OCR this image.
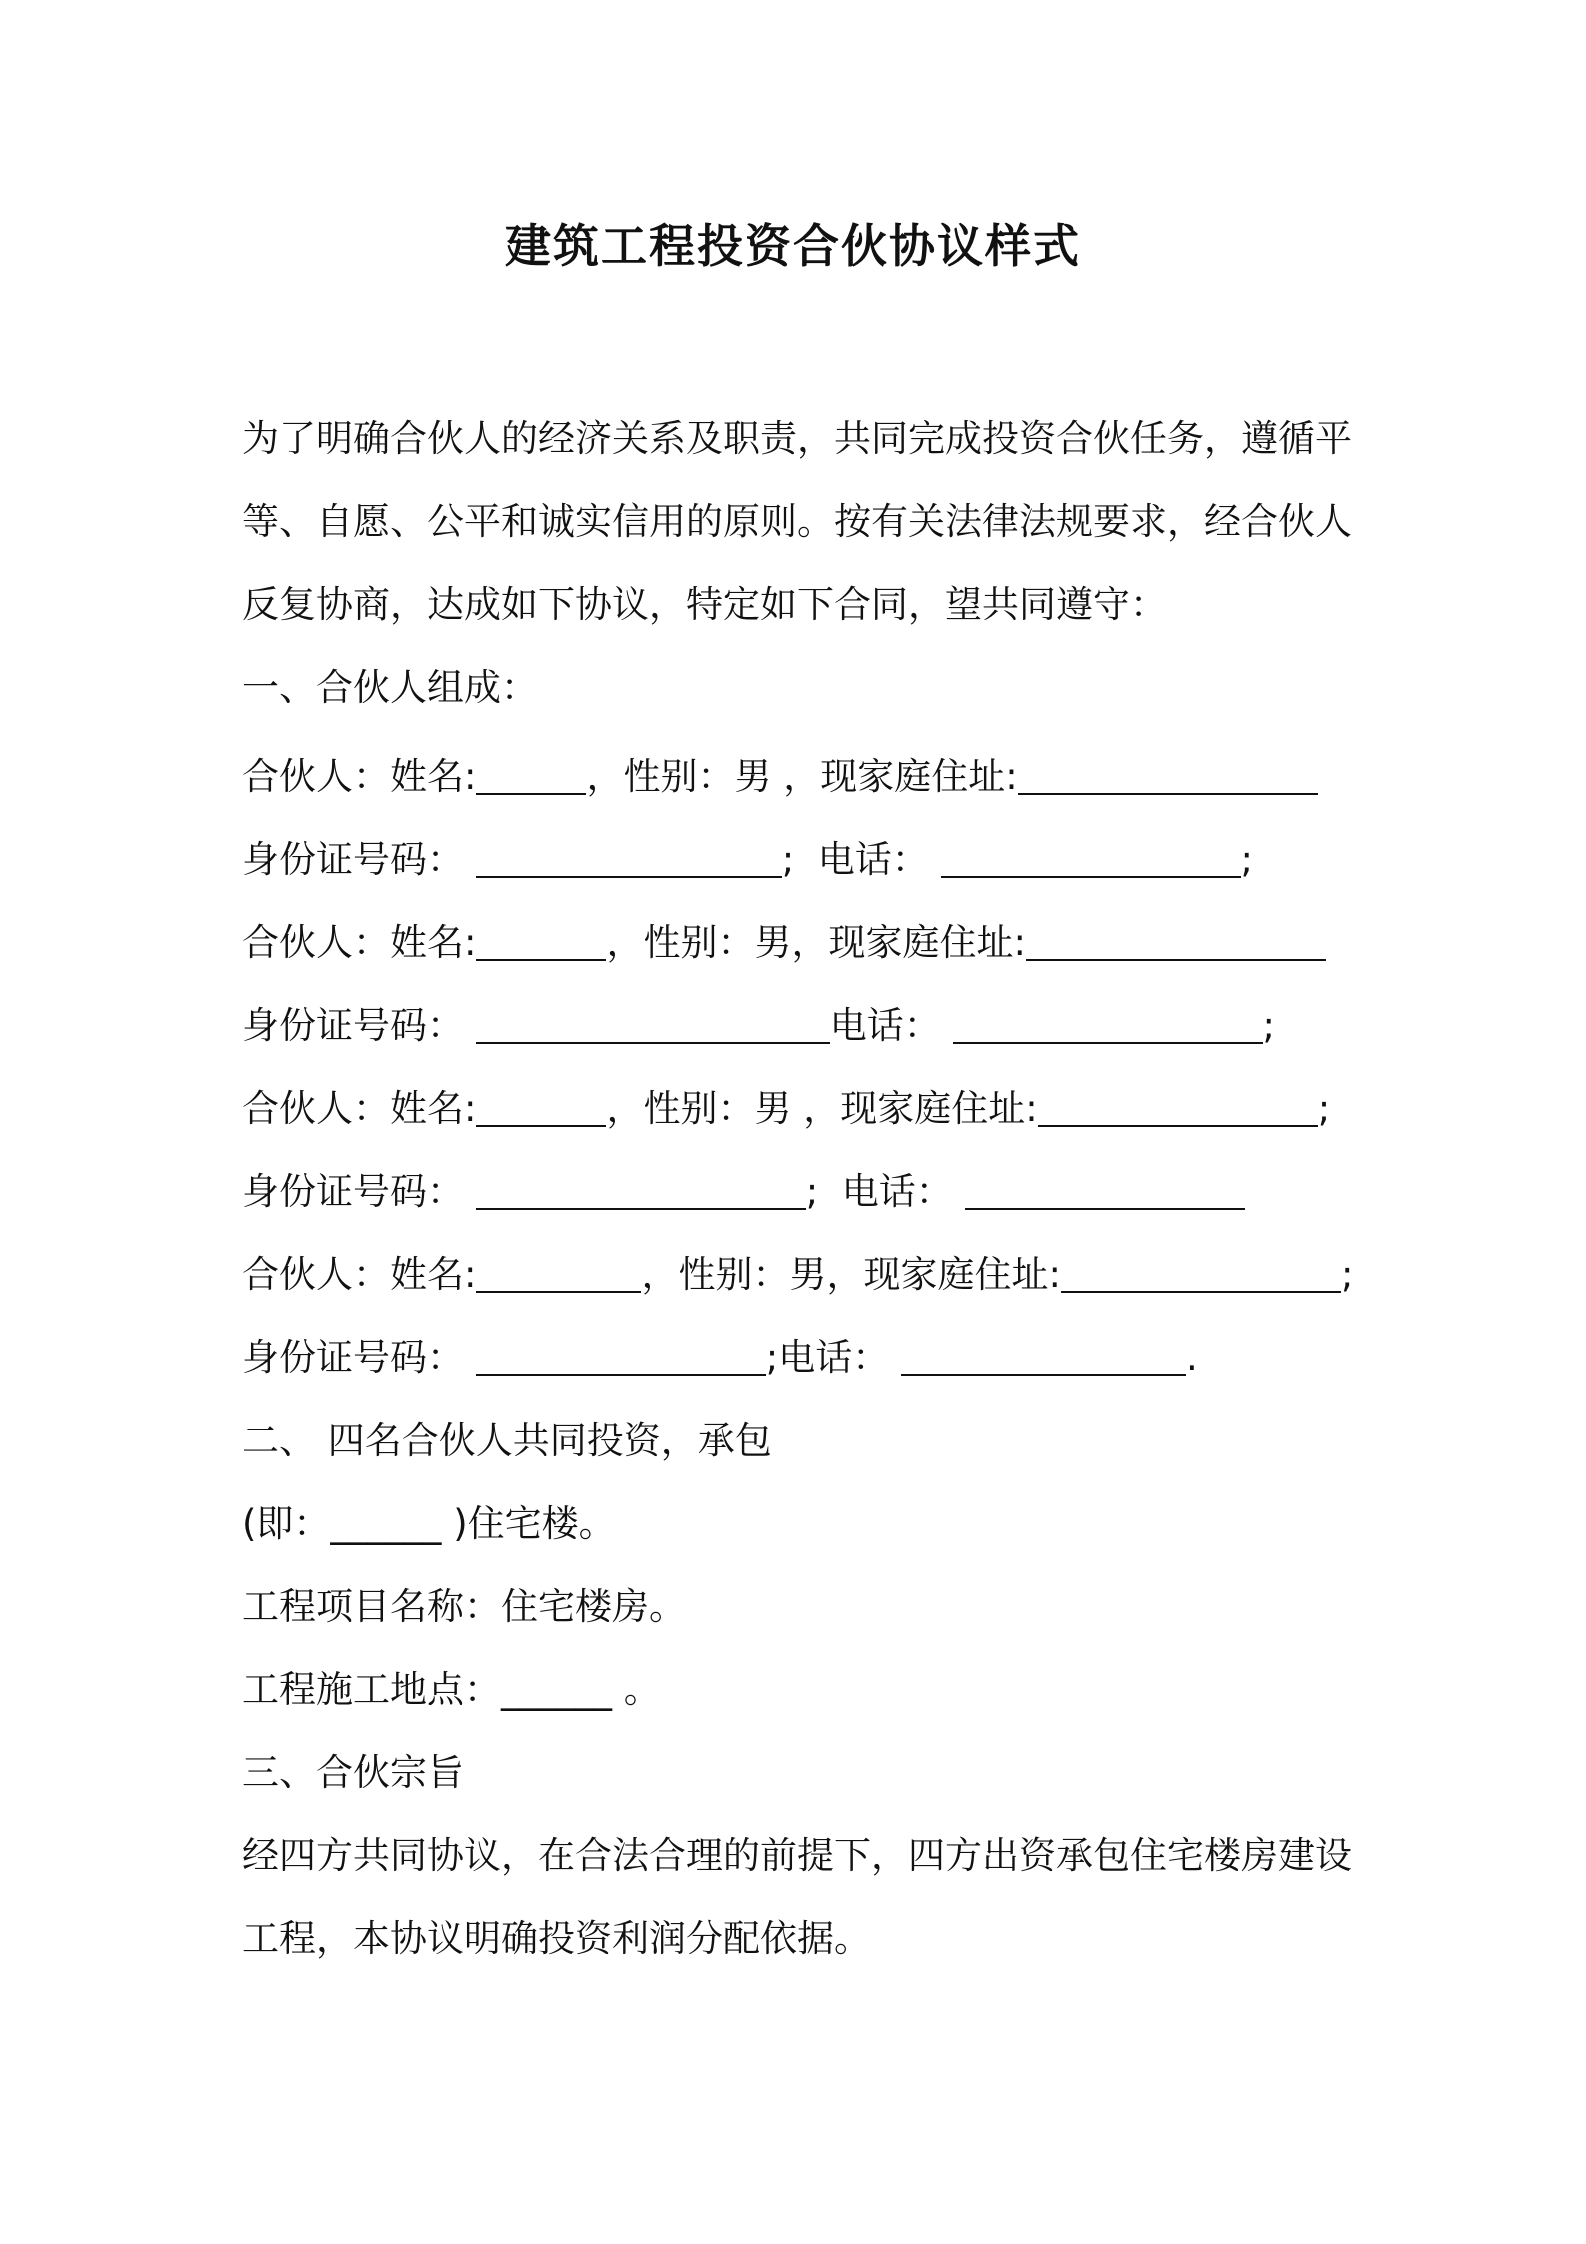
建筑工程投资合伙协议样式
为了明确合伙人的经济关系及职责，共同完成投资合伙任务，遵循平
等、自愿、公平和诚实信用的原则。按有关法律法规要求，经合伙人
反复协商，达成如下协议，特定如下合同，望共同遵守：
一、合伙人组成：
合伙人：姓名:	，性别：男 ，现家庭住址:
身份证号码：	; 电话：	;
合伙人：姓名:	，性别：男，现家庭住址:
身份证号码：	电话：	;
合伙人：姓名:	，性别：男 ，现家庭住址:	;
身份证号码：	; 电话：
合伙人：姓名:	，性别：男，现家庭住址:	;
身份证号码：	;电话：	.
二、 四名合伙人共同投资，承包
(即：______ )住宅楼。
工程项目名称：住宅楼房。
工程施工地点：______ 。
三、合伙宗旨
经四方共同协议，在合法合理的前提下，四方出资承包住宅楼房建设
工程，本协议明确投资利润分配依据。
